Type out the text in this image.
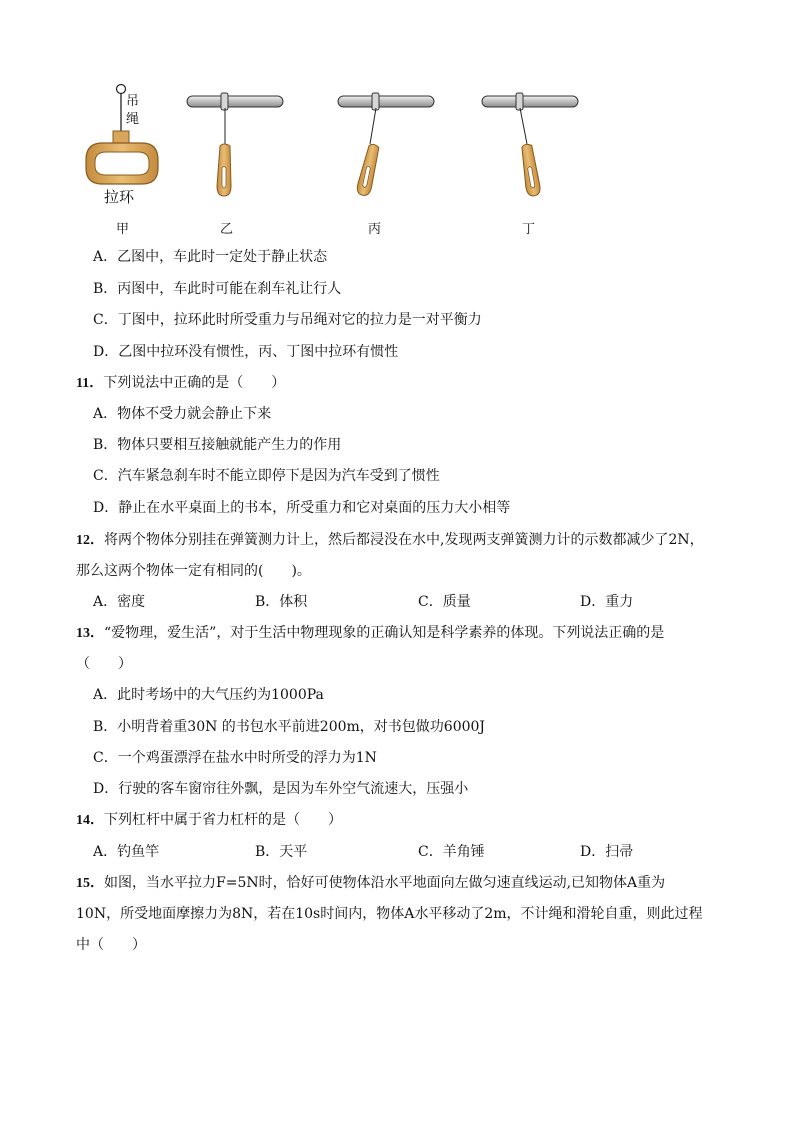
吊
绳
拉环
甲	乙	丙	丁
A．乙图中，车此时一定处于静止状态
B．丙图中，车此时可能在刹车礼让行人
C．丁图中，拉环此时所受重力与吊绳对它的拉力是一对平衡力
D．乙图中拉环没有惯性，丙、丁图中拉环有惯性
11．下列说法中正确的是（　　）
A．物体不受力就会静止下来
B．物体只要相互接触就能产生力的作用
C．汽车紧急刹车时不能立即停下是因为汽车受到了惯性
D．静止在水平桌面上的书本，所受重力和它对桌面的压力大小相等
12．将两个物体分别挂在弹簧测力计上，然后都浸没在水中,发现两支弹簧测力计的示数都减少了2N，
那么这两个物体一定有相同的(　　)。
A．密度	B．体积	C．质量	D．重力
13．“爱物理，爱生活”，对于生活中物理现象的正确认知是科学素养的体现。下列说法正确的是
（　　）
A．此时考场中的大气压约为1000Pa
B．小明背着重30N 的书包水平前进200m，对书包做功6000J
C．一个鸡蛋漂浮在盐水中时所受的浮力为1N
D．行驶的客车窗帘往外飘，是因为车外空气流速大，压强小
14．下列杠杆中属于省力杠杆的是（　　）
A．钓鱼竿	B．天平	C．羊角锤	D．扫帚
15．如图，当水平拉力F=5N时，恰好可使物体沿水平地面向左做匀速直线运动,已知物体A重为
10N，所受地面摩擦力为8N，若在10s时间内，物体A水平移动了2m，不计绳和滑轮自重，则此过程
中（　　）
